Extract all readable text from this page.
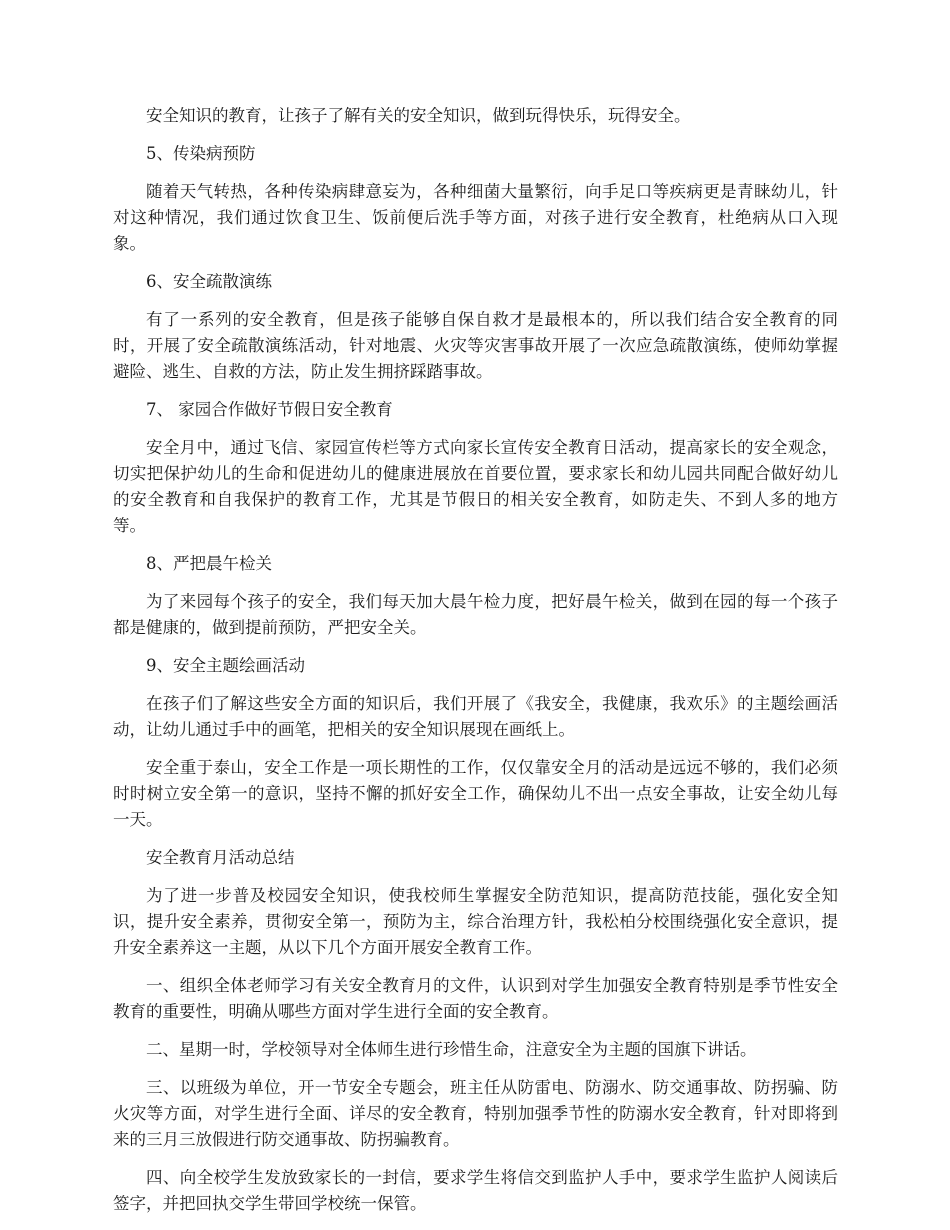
安全知识的教育，让孩子了解有关的安全知识，做到玩得快乐，玩得安全。

5、传染病预防

随着天气转热，各种传染病肆意妄为，各种细菌大量繁衍，向手足口等疾病更是青睐幼儿，针对这种情况，我们通过饮食卫生、饭前便后洗手等方面，对孩子进行安全教育，杜绝病从口入现象。

6、安全疏散演练

有了一系列的安全教育，但是孩子能够自保自救才是最根本的，所以我们结合安全教育的同时，开展了安全疏散演练活动，针对地震、火灾等灾害事故开展了一次应急疏散演练，使师幼掌握避险、逃生、自救的方法，防止发生拥挤踩踏事故。

7、 家园合作做好节假日安全教育

安全月中，通过飞信、家园宣传栏等方式向家长宣传安全教育日活动，提高家长的安全观念，切实把保护幼儿的生命和促进幼儿的健康进展放在首要位置，要求家长和幼儿园共同配合做好幼儿的安全教育和自我保护的教育工作，尤其是节假日的相关安全教育，如防走失、不到人多的地方等。

8、严把晨午检关

为了来园每个孩子的安全，我们每天加大晨午检力度，把好晨午检关，做到在园的每一个孩子都是健康的，做到提前预防，严把安全关。

9、安全主题绘画活动

在孩子们了解这些安全方面的知识后，我们开展了《我安全，我健康，我欢乐》的主题绘画活动，让幼儿通过手中的画笔，把相关的安全知识展现在画纸上。

安全重于泰山，安全工作是一项长期性的工作，仅仅靠安全月的活动是远远不够的，我们必须时时树立安全第一的意识，坚持不懈的抓好安全工作，确保幼儿不出一点安全事故，让安全幼儿每一天。

安全教育月活动总结

为了进一步普及校园安全知识，使我校师生掌握安全防范知识，提高防范技能，强化安全知识，提升安全素养，贯彻安全第一，预防为主，综合治理方针，我松柏分校围绕强化安全意识，提升安全素养这一主题，从以下几个方面开展安全教育工作。

一、组织全体老师学习有关安全教育月的文件，认识到对学生加强安全教育特别是季节性安全教育的重要性，明确从哪些方面对学生进行全面的安全教育。

二、星期一时，学校领导对全体师生进行珍惜生命，注意安全为主题的国旗下讲话。

三、以班级为单位，开一节安全专题会，班主任从防雷电、防溺水、防交通事故、防拐骗、防火灾等方面，对学生进行全面、详尽的安全教育，特别加强季节性的防溺水安全教育，针对即将到来的三月三放假进行防交通事故、防拐骗教育。

四、向全校学生发放致家长的一封信，要求学生将信交到监护人手中，要求学生监护人阅读后签字，并把回执交学生带回学校统一保管。
